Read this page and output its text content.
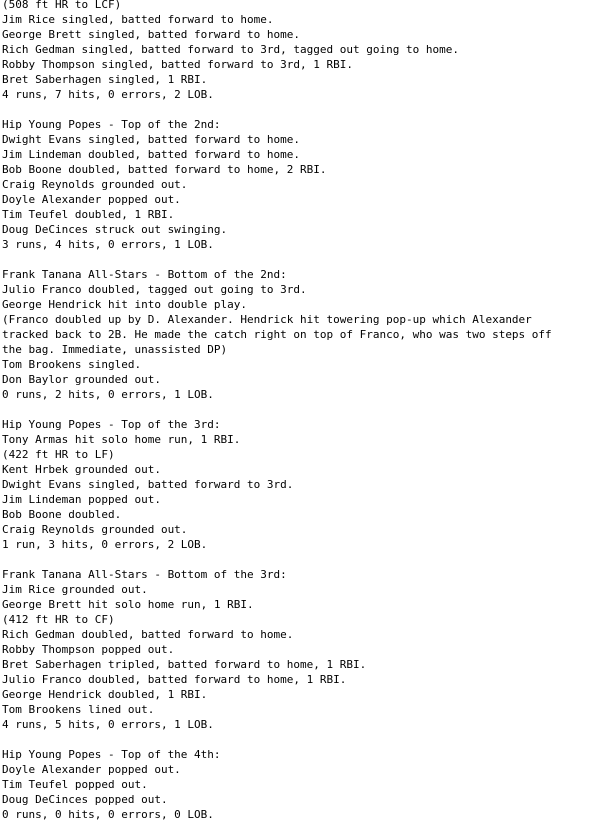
(508 ft HR to LCF)
Jim Rice singled, batted forward to home.
George Brett singled, batted forward to home.
Rich Gedman singled, batted forward to 3rd, tagged out going to home.
Robby Thompson singled, batted forward to 3rd, 1 RBI.
Bret Saberhagen singled, 1 RBI.
4 runs, 7 hits, 0 errors, 2 LOB.
Hip Young Popes - Top of the 2nd:
Dwight Evans singled, batted forward to home.
Jim Lindeman doubled, batted forward to home.
Bob Boone doubled, batted forward to home, 2 RBI.
Craig Reynolds grounded out.
Doyle Alexander popped out.
Tim Teufel doubled, 1 RBI.
Doug DeCinces struck out swinging.
3 runs, 4 hits, 0 errors, 1 LOB.
Frank Tanana All-Stars - Bottom of the 2nd:
Julio Franco doubled, tagged out going to 3rd.
George Hendrick hit into double play.
(Franco doubled up by D. Alexander. Hendrick hit towering pop-up which Alexander
tracked back to 2B. He made the catch right on top of Franco, who was two steps off
the bag. Immediate, unassisted DP)
Tom Brookens singled.
Don Baylor grounded out.
0 runs, 2 hits, 0 errors, 1 LOB.
Hip Young Popes - Top of the 3rd:
Tony Armas hit solo home run, 1 RBI.
(422 ft HR to LF)
Kent Hrbek grounded out.
Dwight Evans singled, batted forward to 3rd.
Jim Lindeman popped out.
Bob Boone doubled.
Craig Reynolds grounded out.
1 run, 3 hits, 0 errors, 2 LOB.
Frank Tanana All-Stars - Bottom of the 3rd:
Jim Rice grounded out.
George Brett hit solo home run, 1 RBI.
(412 ft HR to CF)
Rich Gedman doubled, batted forward to home.
Robby Thompson popped out.
Bret Saberhagen tripled, batted forward to home, 1 RBI.
Julio Franco doubled, batted forward to home, 1 RBI.
George Hendrick doubled, 1 RBI.
Tom Brookens lined out.
4 runs, 5 hits, 0 errors, 1 LOB.
Hip Young Popes - Top of the 4th:
Doyle Alexander popped out.
Tim Teufel popped out.
Doug DeCinces popped out.
0 runs, 0 hits, 0 errors, 0 LOB.
